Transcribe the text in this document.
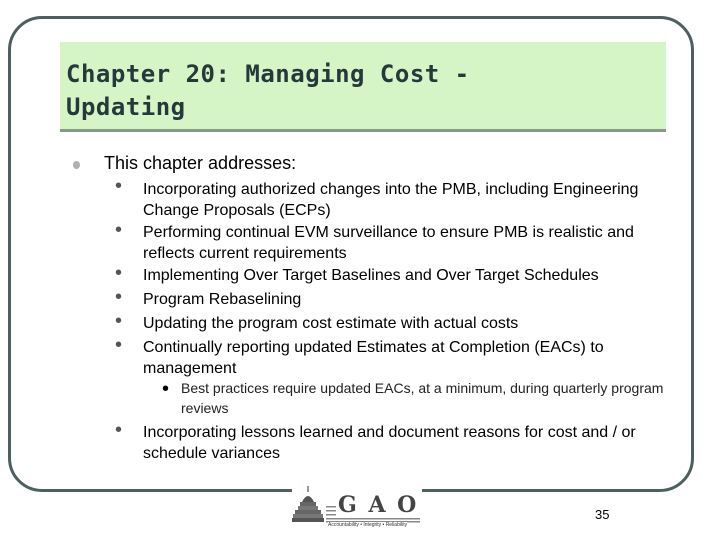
Chapter 20: Managing Cost - Updating
This chapter addresses:
• Incorporating authorized changes into the PMB, including Engineering Change Proposals (ECPs)
• Performing continual EVM surveillance to ensure PMB is realistic and reflects current requirements
• Implementing Over Target Baselines and Over Target Schedules
• Program Rebaselining
• Updating the program cost estimate with actual costs
• Continually reporting updated Estimates at Completion (EACs) to management
• Best practices require updated EACs, at a minimum, during quarterly program reviews
• Incorporating lessons learned and document reasons for cost and / or schedule variances
G A O
Accountability • Integrity • Reliability
35
